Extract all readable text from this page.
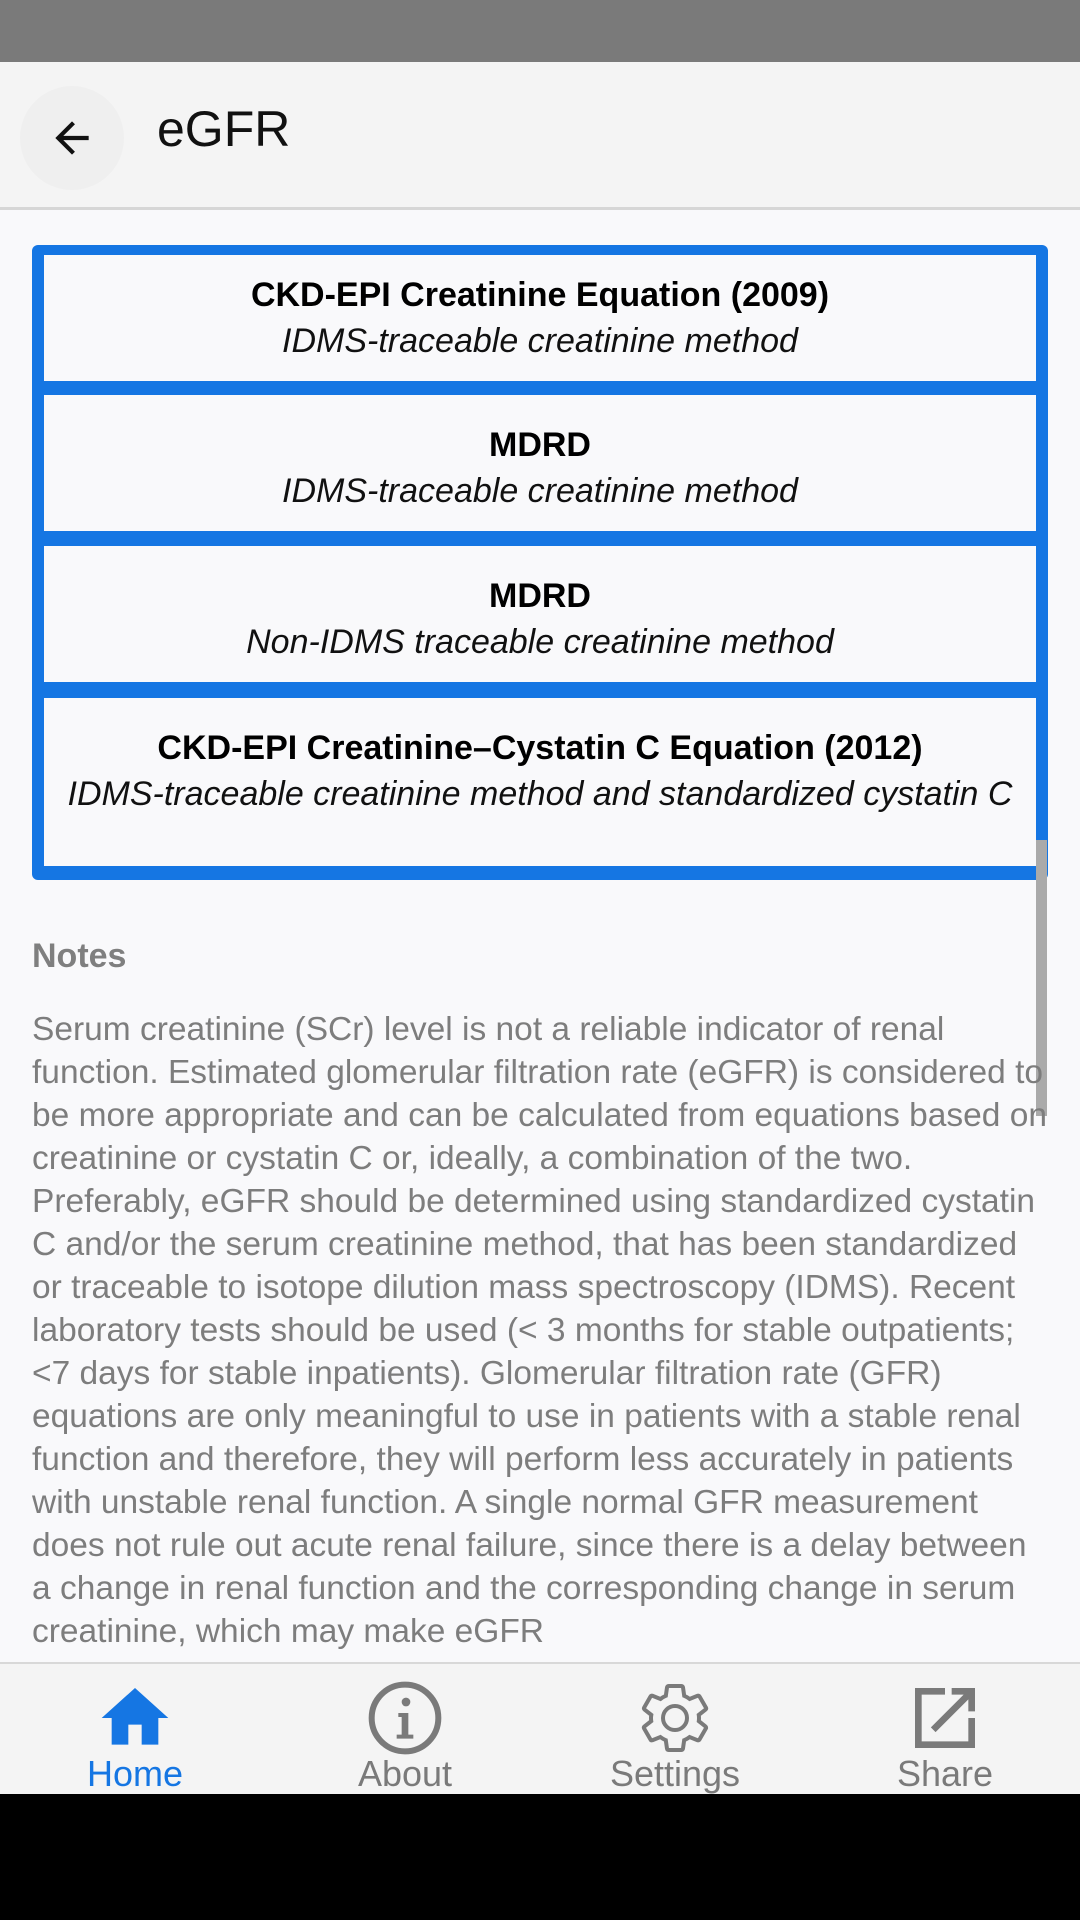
eGFR
CKD-EPI Creatinine Equation (2009)
IDMS-traceable creatinine method
MDRD
IDMS-traceable creatinine method
MDRD
Non-IDMS traceable creatinine method
CKD-EPI Creatinine–Cystatin C Equation (2012)
IDMS-traceable creatinine method and standardized cystatin C
Notes
Serum creatinine (SCr) level is not a reliable indicator of renal function. Estimated glomerular filtration rate (eGFR) is considered to be more appropriate and can be calculated from equations based on creatinine or cystatin C or, ideally, a combination of the two. Preferably, eGFR should be determined using standardized cystatin C and/or the serum creatinine method, that has been standardized or traceable to isotope dilution mass spectroscopy (IDMS). Recent laboratory tests should be used (< 3 months for stable outpatients; <7 days for stable inpatients). Glomerular filtration rate (GFR) equations are only meaningful to use in patients with a stable renal function and therefore, they will perform less accurately in patients with unstable renal function. A single normal GFR measurement does not rule out acute renal failure, since there is a delay between a change in renal function and the corresponding change in serum creatinine, which may make eGFR
Home	About	Settings	Share
